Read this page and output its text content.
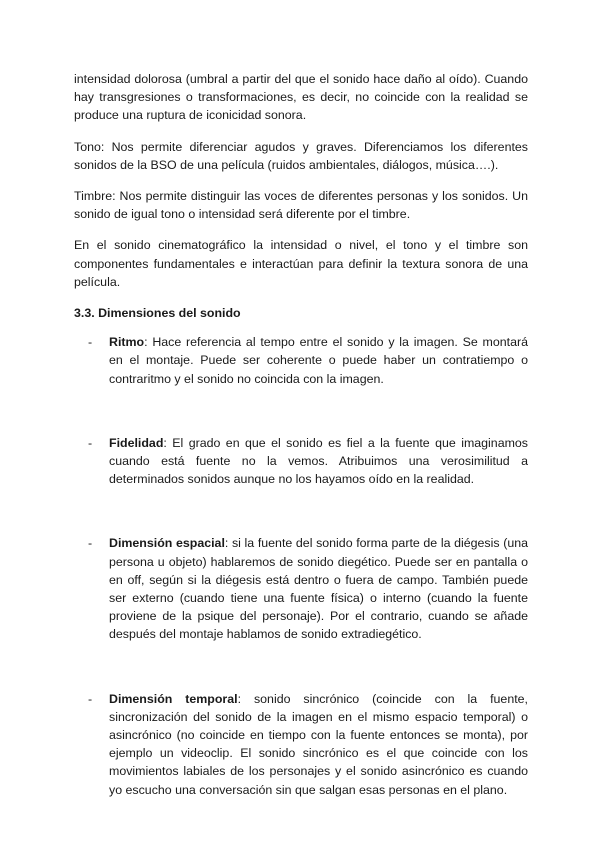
intensidad dolorosa (umbral a partir del que el sonido hace daño al oído). Cuando hay transgresiones o transformaciones, es decir, no coincide con la realidad se produce una ruptura de iconicidad sonora.

Tono: Nos permite diferenciar agudos y graves. Diferenciamos los diferentes sonidos de la BSO de una película (ruidos ambientales, diálogos, música….).

Timbre: Nos permite distinguir las voces de diferentes personas y los sonidos. Un sonido de igual tono o intensidad será diferente por el timbre.

En el sonido cinematográfico la intensidad o nivel, el tono y el timbre son componentes fundamentales e interactúan para definir la textura sonora de una película.

3.3. Dimensiones del sonido
- Ritmo: Hace referencia al tempo entre el sonido y la imagen. Se montará en el montaje. Puede ser coherente o puede haber un contratiempo o contraritmo y el sonido no coincida con la imagen.
- Fidelidad: El grado en que el sonido es fiel a la fuente que imaginamos cuando está fuente no la vemos. Atribuimos una verosimilitud a determinados sonidos aunque no los hayamos oído en la realidad.
- Dimensión espacial: si la fuente del sonido forma parte de la diégesis (una persona u objeto) hablaremos de sonido diegético. Puede ser en pantalla o en off, según si la diégesis está dentro o fuera de campo. También puede ser externo (cuando tiene una fuente física) o interno (cuando la fuente proviene de la psique del personaje). Por el contrario, cuando se añade después del montaje hablamos de sonido extradiegético.
- Dimensión temporal: sonido sincrónico (coincide con la fuente, sincronización del sonido de la imagen en el mismo espacio temporal) o asincrónico (no coincide en tiempo con la fuente entonces se monta), por ejemplo un videoclip. El sonido sincrónico es el que coincide con los movimientos labiales de los personajes y el sonido asincrónico es cuando yo escucho una conversación sin que salgan esas personas en el plano.
